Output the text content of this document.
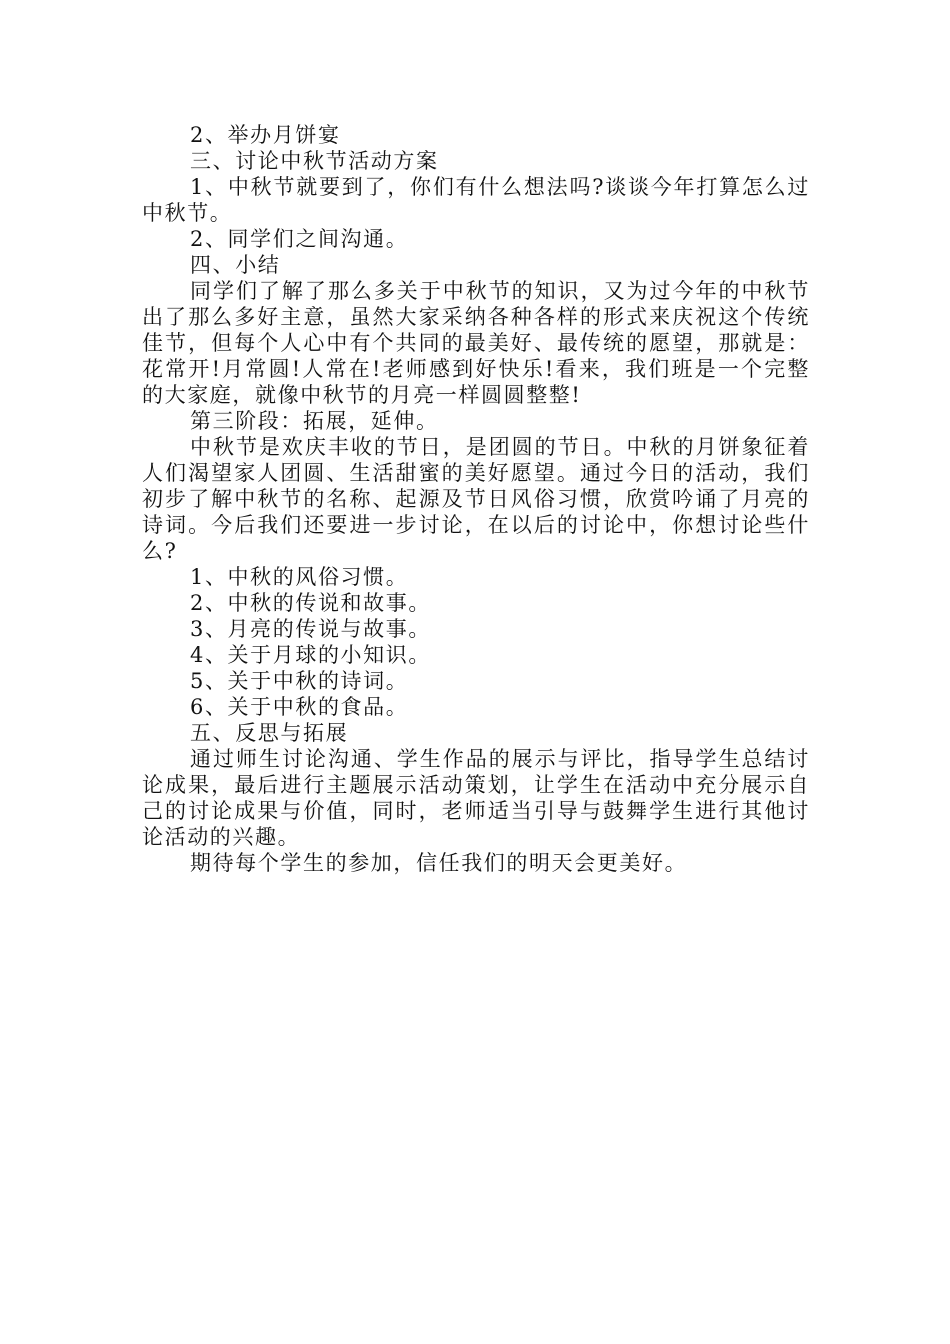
2、举办月饼宴

三、讨论中秋节活动方案

1、中秋节就要到了，你们有什么想法吗?谈谈今年打算怎么过中秋节。

2、同学们之间沟通。

四、小结

同学们了解了那么多关于中秋节的知识，又为过今年的中秋节出了那么多好主意，虽然大家采纳各种各样的形式来庆祝这个传统佳节，但每个人心中有个共同的最美好、最传统的愿望，那就是：花常开!月常圆!人常在!老师感到好快乐!看来，我们班是一个完整的大家庭，就像中秋节的月亮一样圆圆整整!

第三阶段：拓展，延伸。

中秋节是欢庆丰收的节日，是团圆的节日。中秋的月饼象征着人们渴望家人团圆、生活甜蜜的美好愿望。通过今日的活动，我们初步了解中秋节的名称、起源及节日风俗习惯，欣赏吟诵了月亮的诗词。今后我们还要进一步讨论，在以后的讨论中，你想讨论些什么?

1、中秋的风俗习惯。

2、中秋的传说和故事。

3、月亮的传说与故事。

4、关于月球的小知识。

5、关于中秋的诗词。

6、关于中秋的食品。

五、反思与拓展

通过师生讨论沟通、学生作品的展示与评比，指导学生总结讨论成果，最后进行主题展示活动策划，让学生在活动中充分展示自己的讨论成果与价值，同时，老师适当引导与鼓舞学生进行其他讨论活动的兴趣。

期待每个学生的参加，信任我们的明天会更美好。
